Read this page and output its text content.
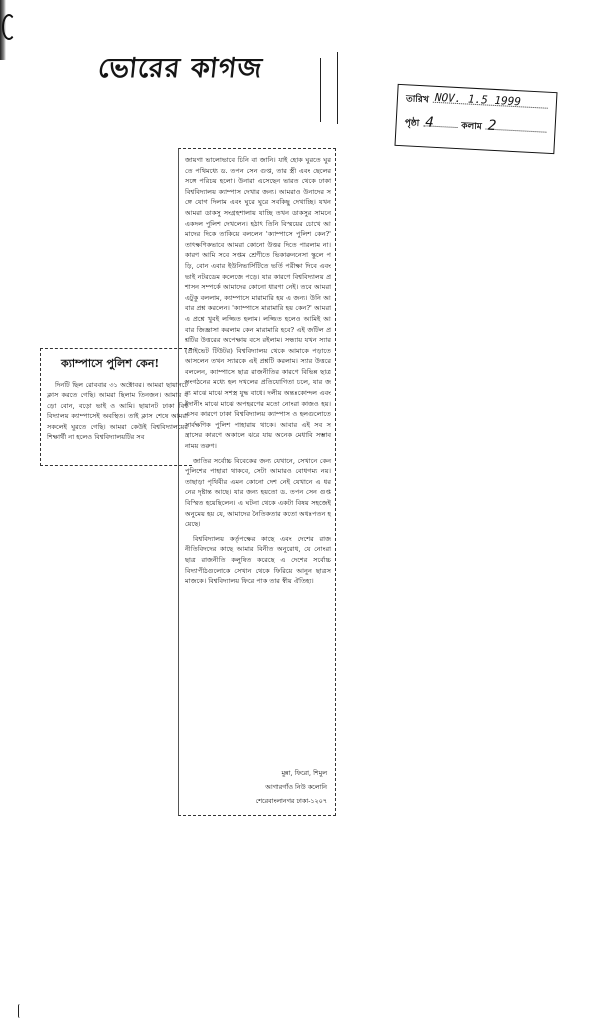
ভোরের কাগজ
তারিখ NOV. 1.5 1999
পৃষ্ঠা 4	কলাম 2
ক্যাম্পাসে পুলিশ কেন!

দিনটি ছিল রোববার ৩১ অক্টোবর। আমরা ছায়ানটে ক্লাস করতে গেছি। আমরা ছিলাম তিনজন। আমার বড়ো বোন, বড়ো ভাই ও আমি। ছায়ানট ঢাকা বিশ্ববিদ্যালয় ক্যাম্পাসেই অবস্থিত। তাই ক্লাস শেষে আমরা সকলেই ঘুরতে গেছি। আমরা কেউই বিশ্ববিদ্যালয়ের শিক্ষার্থী না হলেও বিশ্ববিদ্যালয়টির সব

জায়গা ভালোভাবে চিনি বা জানি। যাই হোক ঘুরতে ঘুরতে পথিমধ্যে ড. তপন সেন গুপ্ত, তার স্ত্রী এবং ছেলের সঙ্গে পরিচয় হলো। উনারা এসেছেন ভারত থেকে ঢাকা বিশ্ববিদ্যালয় ক্যাম্পাস দেখার জন্য। আমরাও উনাদের সঙ্গে যোগ দিলাম এবং ঘুরে ঘুরে সবকিছু দেখাচ্ছি। যখন আমরা ডাকসু সংগ্রহশালায় যাচ্ছি তখন ডাকসুর সামনে একদল পুলিশ দেখলেন। হঠাৎ তিনি বিস্ময়ের চোখে আমাদের দিকে তাকিয়ে বললেন 'ক্যাম্পাসে পুলিশ কেন?' তাৎক্ষণিকভাবে আমরা কোনো উত্তর দিতে পারলাম না। কারণ আমি সবে সপ্তম শ্রেণীতে ভিকারুননেসা স্কুলে পড়ি, বোন এবার ইউনিভার্সিটিতে ভর্তি পরীক্ষা দিবে এবং ভাই নটরডেম কলেজে পড়ে। যার কারণে বিশ্ববিদ্যালয় প্রশাসন সম্পর্কে আমাদের কোনো ধারণা নেই। তবে আমরা এটুকু বললাম, ক্যাম্পাসে মারামারি হয় এ জন্য। উনি আবার প্রশ্ন করলেন। 'ক্যাম্পাসে মারামারি হয় কেন?' আমরা এ প্রশ্নে খুবই লজ্জিত হলাম। লজ্জিত হলেও আমিই আবার জিজ্ঞাসা করলাম কেন মারামারি হবে? এই জটিল প্রশ্নটির উত্তরের অপেক্ষায় বসে রইলাম। সন্ধ্যায় যখন স্যার (প্রাইভেট টিউটর) বিশ্ববিদ্যালয় থেকে আমাকে পড়াতে আসলেন তখন স্যারকে এই প্রশ্নটি করলাম। স্যার উত্তরে বললেন, ক্যাম্পাসে ছাত্র রাজনীতির কারণে বিভিন্ন ছাত্র সংগঠনের মধ্যে হল দখলের প্রতিযোগিতা চলে, যার জন্য মাঝে মাঝে সশস্ত্র যুদ্ধ বাধে। দলীয় অন্তঃকোন্দল এবং ইদানীং মাঝে মাঝে অপহরণের মতো নোংরা কাজও হয়। এসব কারণে ঢাকা বিশ্ববিদ্যালয় ক্যাম্পাস ও হলগুলোতে সার্বক্ষণিক পুলিশ পাহারায় থাকে। আবার এই সব সন্ত্রাসের কারণে অকালে ঝরে যায় অনেক মেধাবি সম্ভাবনাময় তরুণ।

জাতির সর্বোচ্চ বিবেকের জন্য যেখানে, সেখানে কেন পুলিশের পাহারা থাকবে, সেটা আমারও বোধগম্য নয়। তাছাড়া পৃথিবীর এমন কোনো দেশ নেই যেখানে এ ধরনের দৃষ্টান্ত আছে। যার জন্য হয়তো ড. তপন সেন গুপ্ত বিস্মিত হয়েছিলেন। এ ঘটনা থেকে একটা বিষয় সহজেই অনুমেয় হয় যে, আমাদের নৈতিকতার কতো অধঃপতন হয়েছে।

বিশ্ববিদ্যালয় কর্তৃপক্ষের কাছে এবং দেশের রাজনীতিবিদদের কাছে আমার বিনীত অনুরোধ, যে নোংরা ছাত্র রাজনীতি কলুষিত করেছে এ দেশের সর্বোচ্চ বিদ্যাপীঠগুলোকে সেখান থেকে ফিরিয়ে আনুন ছাত্রসমাজকে। বিশ্ববিদ্যালয় ফিরে পাক তার স্বীয় ঐতিহ্য।

মুন্না, ফিরো, শিমুল
আগারগাঁও নিউ কলোনি
শেরেবাংলানগর ঢাকা-১২০৭
